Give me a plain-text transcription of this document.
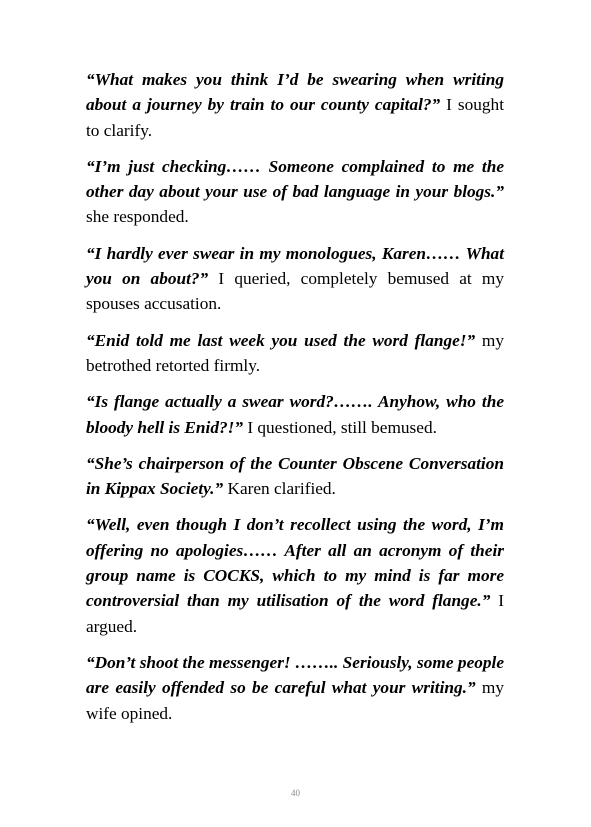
“What makes you think I’d be swearing when writing about a journey by train to our county capital?” I sought to clarify.

“I’m just checking…… Someone complained to me the other day about your use of bad language in your blogs.” she responded.

“I hardly ever swear in my monologues, Karen…… What you on about?” I queried, completely bemused at my spouses accusation.

“Enid told me last week you used the word flange!” my betrothed retorted firmly.

“Is flange actually a swear word?……. Anyhow, who the bloody hell is Enid?!” I questioned, still bemused.

“She’s chairperson of the Counter Obscene Conversation in Kippax Society.” Karen clarified.

“Well, even though I don’t recollect using the word, I’m offering no apologies…… After all an acronym of their group name is COCKS, which to my mind is far more controversial than my utilisation of the word flange.” I argued.

“Don’t shoot the messenger! …….. Seriously, some people are easily offended so be careful what your writing.” my wife opined.

40
